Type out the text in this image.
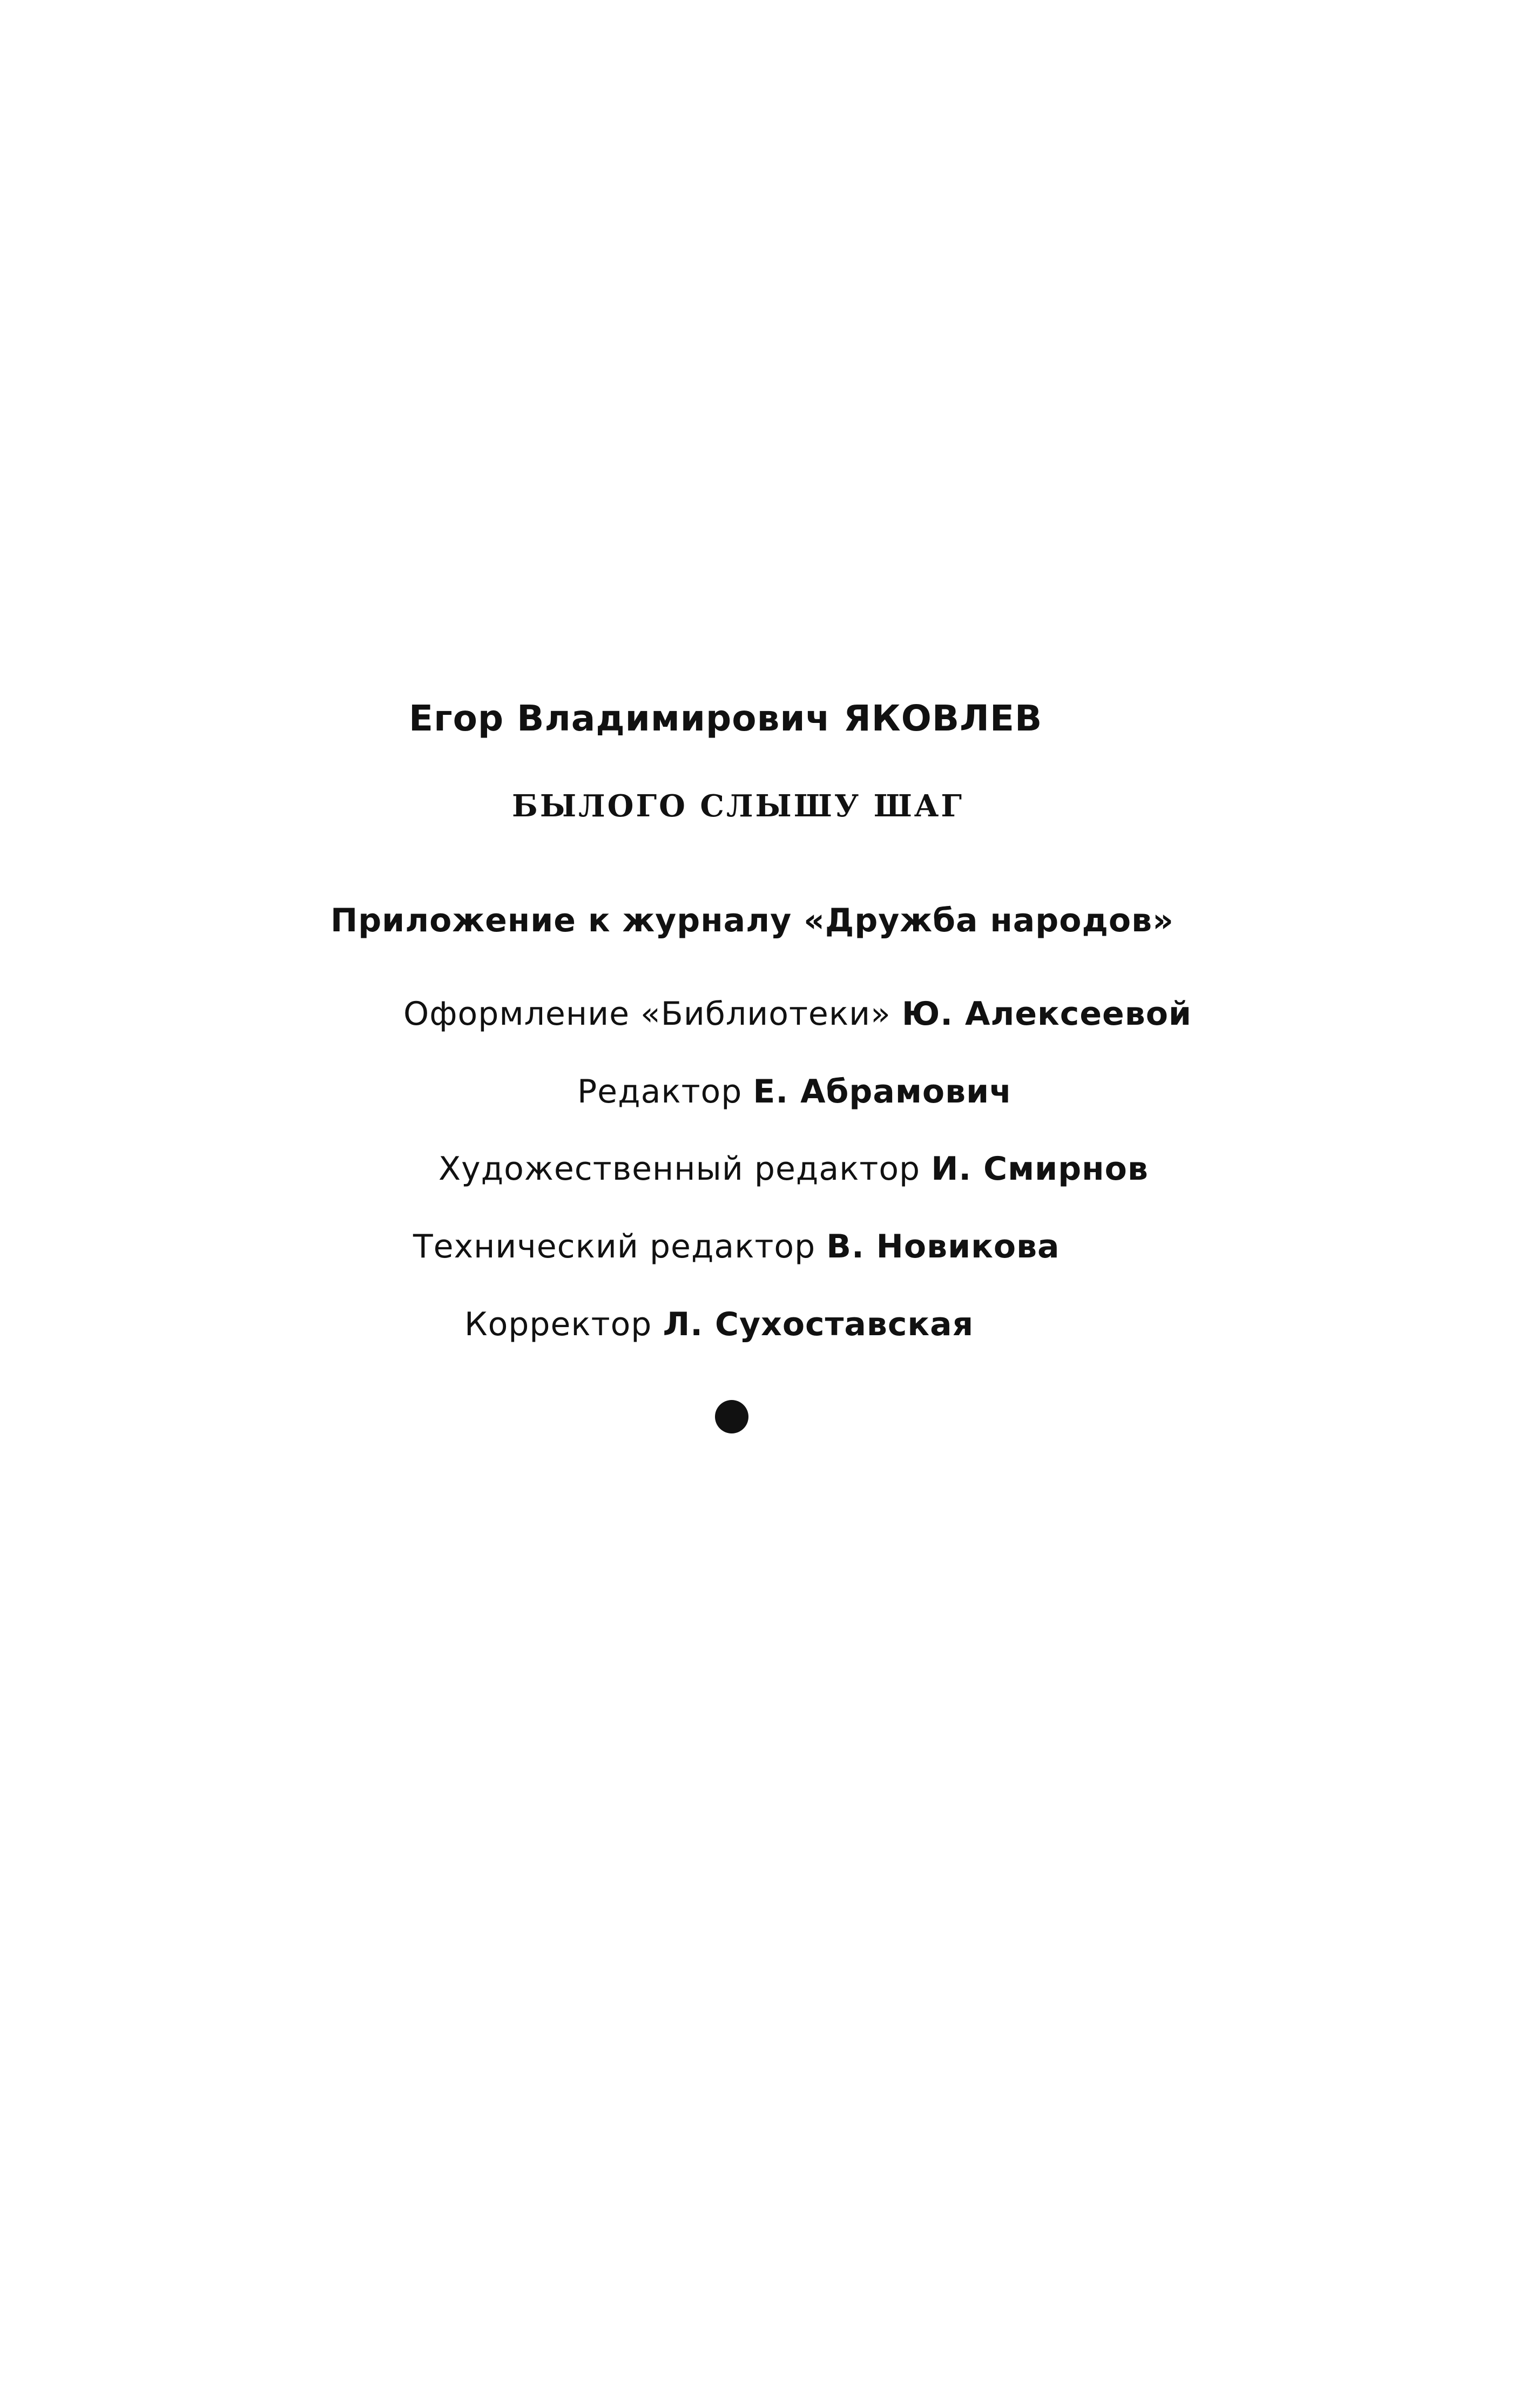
Егор Владимирович ЯКОВЛЕВ
БЫЛОГО СЛЫШУ ШАГ
Приложение к журналу «Дружба народов»
Оформление «Библиотеки» Ю. Алексеевой
Редактор Е. Абрамович
Художественный редактор И. Смирнов
Технический редактор В. Новикова
Корректор Л. Сухоставская
